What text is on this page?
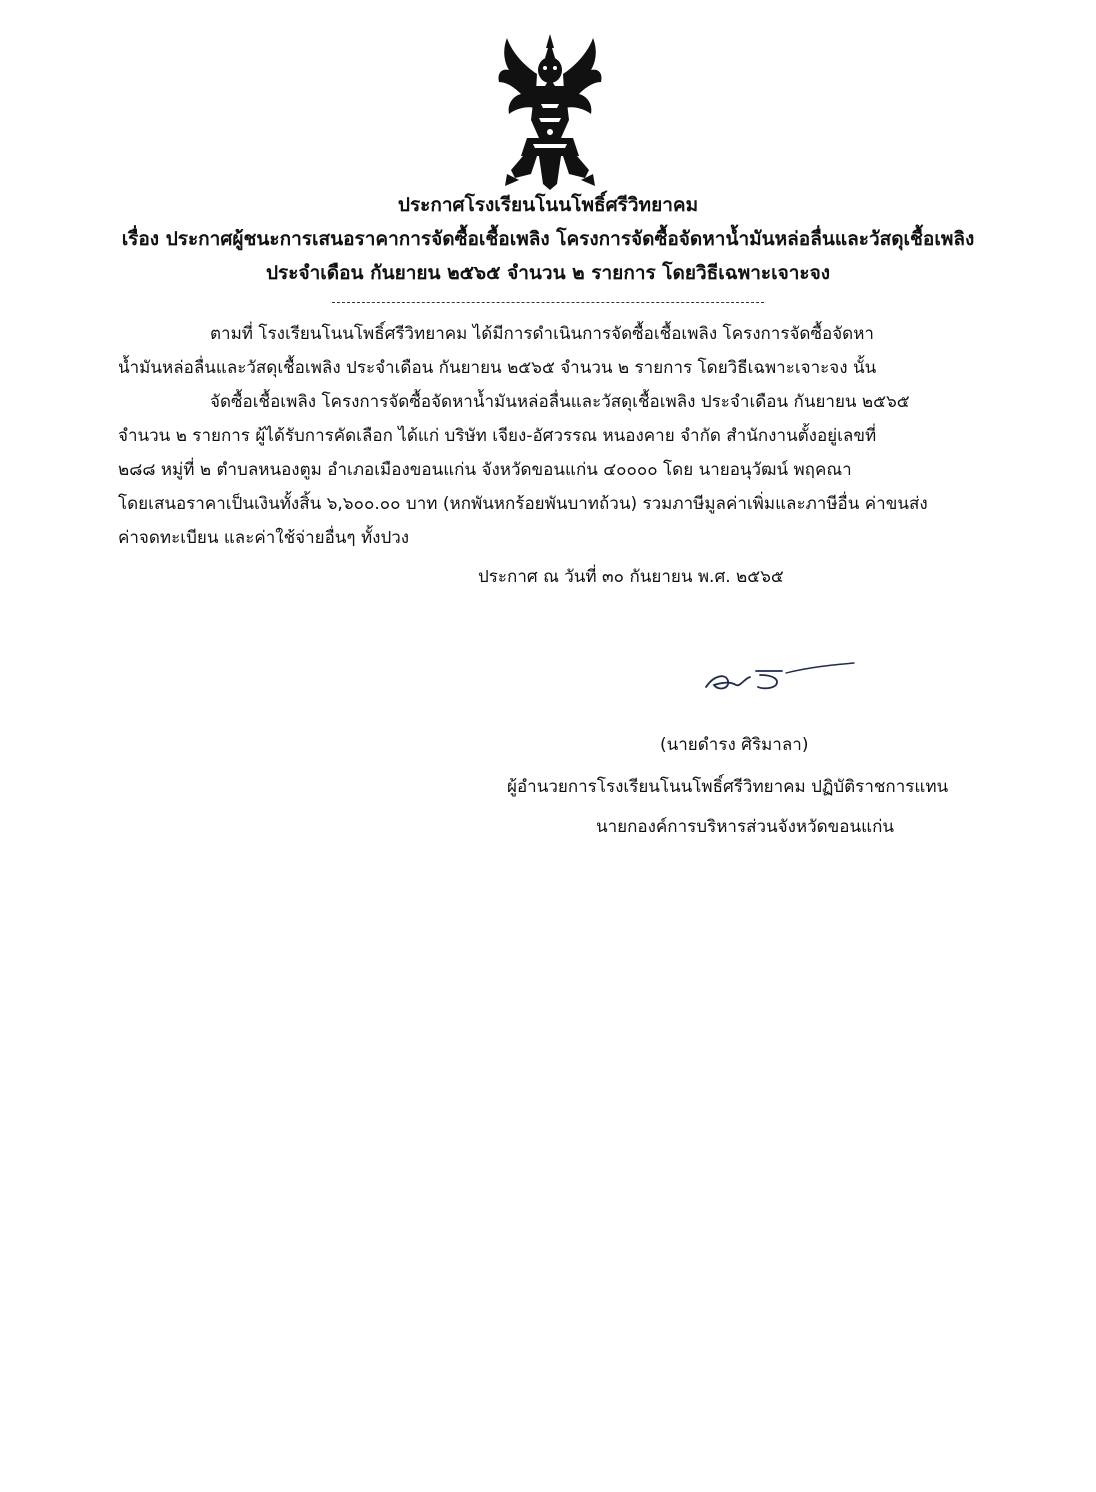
ประกาศโรงเรียนโนนโพธิ์ศรีวิทยาคม
เรื่อง ประกาศผู้ชนะการเสนอราคาการจัดซื้อเชื้อเพลิง โครงการจัดซื้อจัดหาน้ำมันหล่อลื่นและวัสดุเชื้อเพลิง
ประจำเดือน กันยายน ๒๕๖๕ จำนวน ๒ รายการ โดยวิธีเฉพาะเจาะจง
ตามที่ โรงเรียนโนนโพธิ์ศรีวิทยาคม ได้มีการดำเนินการจัดซื้อเชื้อเพลิง โครงการจัดซื้อจัดหา
น้ำมันหล่อลื่นและวัสดุเชื้อเพลิง ประจำเดือน กันยายน ๒๕๖๕ จำนวน ๒ รายการ โดยวิธีเฉพาะเจาะจง นั้น
จัดซื้อเชื้อเพลิง โครงการจัดซื้อจัดหาน้ำมันหล่อลื่นและวัสดุเชื้อเพลิง ประจำเดือน กันยายน ๒๕๖๕
จำนวน ๒ รายการ ผู้ได้รับการคัดเลือก ได้แก่ บริษัท เจียง-อัศวรรณ หนองคาย จำกัด สำนักงานตั้งอยู่เลขที่
๒๘๘ หมู่ที่ ๒ ตำบลหนองตูม อำเภอเมืองขอนแก่น จังหวัดขอนแก่น ๔๐๐๐๐ โดย นายอนุวัฒน์ พฤคณา
โดยเสนอราคาเป็นเงินทั้งสิ้น ๖,๖๐๐.๐๐ บาท (หกพันหกร้อยพันบาทถ้วน) รวมภาษีมูลค่าเพิ่มและภาษีอื่น ค่าขนส่ง
ค่าจดทะเบียน และค่าใช้จ่ายอื่นๆ ทั้งปวง
ประกาศ ณ วันที่ ๓๐ กันยายน พ.ศ. ๒๕๖๕
(นายดำรง ศิริมาลา)
ผู้อำนวยการโรงเรียนโนนโพธิ์ศรีวิทยาคม ปฏิบัติราชการแทน
นายกองค์การบริหารส่วนจังหวัดขอนแก่น
